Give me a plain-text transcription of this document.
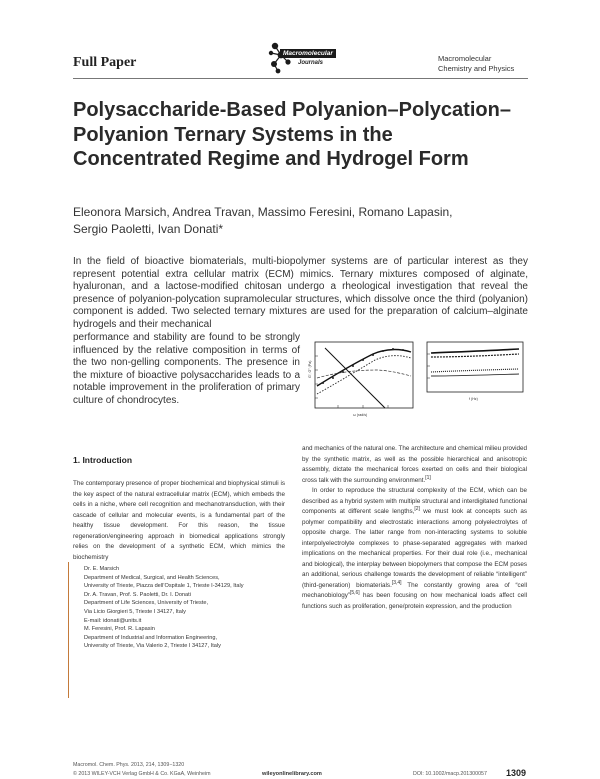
Full Paper
Macromolecular
Journals	Macromolecular
Chemistry and Physics
Polysaccharide-Based Polyanion–Polycation–
Polyanion Ternary Systems in the
Concentrated Regime and Hydrogel Form
Eleonora Marsich, Andrea Travan, Massimo Feresini, Romano Lapasin,
Sergio Paoletti, Ivan Donati*
In the field of bioactive biomaterials, multi-biopolymer systems are of particular interest as they represent potential extra cellular matrix (ECM) mimics. Ternary mixtures composed of alginate, hyaluronan, and a lactose-modified chitosan undergo a rheological investigation that reveal the presence of polyanion-polycation supramolecular structures, which dissolve once the third (polyanion) component is added. Two selected ternary mixtures are used for the preparation of calcium–alginate hydrogels and their mechanical
performance and stability are found to be strongly influenced by the relative composition in terms of the two non-gelling components. The presence in the mixture of bioactive polysaccharides leads to a notable improvement in the proliferation of primary culture of chondrocytes.
G', G'' (Pa)
ω (rad/s)
f (Hz)
1. Introduction
The contemporary presence of proper biochemical and biophysical stimuli is the key aspect of the natural extracellular matrix (ECM), which embeds the cells in a niche, where cell recognition and mechanotransduction, with their cascade of cellular and molecular events, is a fundamental part of the healthy tissue development. For this reason, the tissue regeneration/engineering approach in biomedical applications strongly relies on the development of a synthetic ECM, which mimics the biochemistry

and mechanics of the natural one. The architecture and chemical milieu provided by the synthetic matrix, as well as the possible hierarchical and anisotropic assembly, dictate the mechanical forces exerted on cells and their biological cross talk with the surrounding environment.[1]

In order to reproduce the structural complexity of the ECM, which can be described as a hybrid system with multiple structural and interdigitated functional components at different scale lengths,[2] we must look at concepts such as polymer compatibility and electrostatic interactions among polyelectrolytes of opposite charge. The latter range from non-interacting systems to soluble interpolyelectrolyte complexes to phase-separated aggregates with marked implications on the mechanical properties. For their dual role (i.e., mechanical and biological), the interplay between biopolymers that compose the ECM poses an additional, serious challenge towards the development of reliable “intelligent” (third-generation) biomaterials.[3,4] The constantly growing area of “cell mechanobiology”[5,6] has been focusing on how mechanical loads affect cell functions such as proliferation, gene/protein expression, and the production

Dr. E. Marsich
Department of Medical, Surgical, and Health Sciences,
University of Trieste, Piazza dell’Ospitale 1, Trieste I-34129, Italy
Dr. A. Travan, Prof. S. Paoletti, Dr. I. Donati
Department of Life Sciences, University of Trieste,
Via Licio Giorgieri 5, Trieste I 34127, Italy
E-mail: idonati@units.it
M. Feresini, Prof. R. Lapasin
Department of Industrial and Information Engineering,
University of Trieste, Via Valerio 2, Trieste I 34127, Italy
Macromol. Chem. Phys. 2013, 214, 1309−1320
© 2013 WILEY-VCH Verlag GmbH & Co. KGaA, Weinheim	wileyonlinelibrary.com	DOI: 10.1002/macp.201300057 1309
